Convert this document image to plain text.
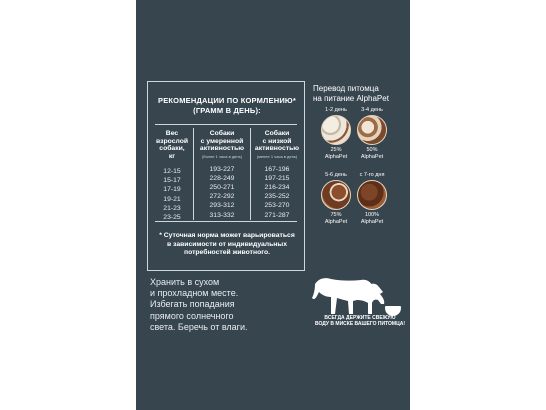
РЕКОМЕНДАЦИИ ПО КОРМЛЕНИЮ*
(ГРАММ В ДЕНЬ):
Вес
взрослой
собаки,
кг
12-15
15-17
17-19
19-21
21-23
23-25
Собаки
с умеренной
активностью
(более 1 часа в день)
193-227
228-249
250-271
272-292
293-312
313-332
Собаки
с низкой
активностью
(менее 1 часа в день)
167-196
197-215
216-234
235-252
253-270
271-287
* Суточная норма может варьироваться
в зависимости от индивидуальных
потребностей животного.
Хранить в сухом
и прохладном месте.
Избегать попадания
прямого солнечного
света. Беречь от влаги.
Перевод питомца
на питание AlphaPet
1-2 день
25%
AlphaPet
3-4 день
50%
AlphaPet
5-6 день
75%
AlphaPet
с 7-го дня
100%
AlphaPet
ВСЕГДА ДЕРЖИТЕ СВЕЖУЮ
ВОДУ В МИСКЕ ВАШЕГО ПИТОМЦА!
